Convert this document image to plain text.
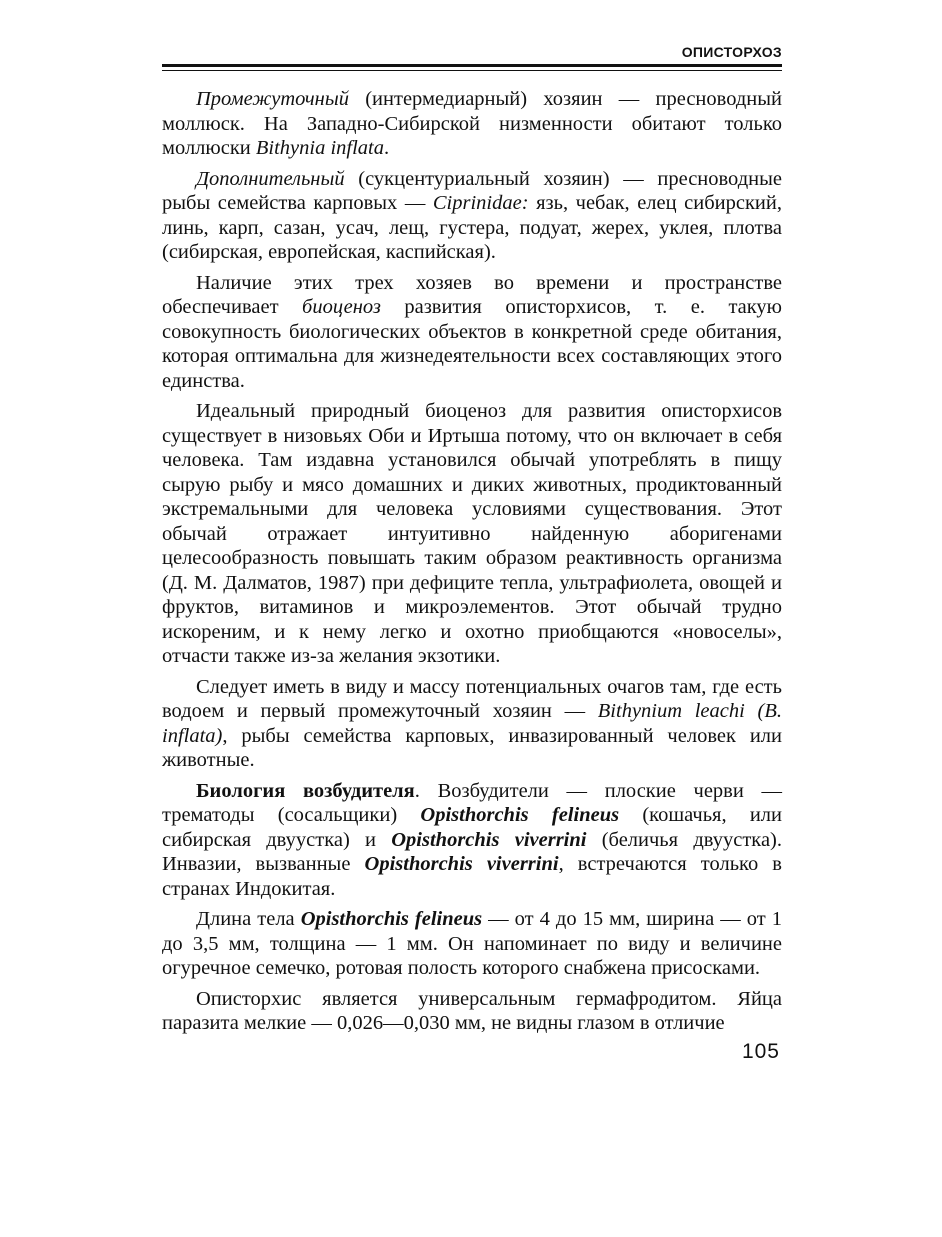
ОПИСТОРХОЗ

Промежуточный (интермедиарный) хозяин — пресноводный моллюск. На Западно-Сибирской низменности обитают только моллюски Bithynia inflata.

Дополнительный (сукцентуриальный хозяин) — пресноводные рыбы семейства карповых — Ciprinidae: язь, чебак, елец сибирский, линь, карп, сазан, усач, лещ, густера, подуат, жерех, уклея, плотва (сибирская, европейская, каспийская).

Наличие этих трех хозяев во времени и пространстве обеспечивает биоценоз развития описторхисов, т. е. такую совокупность биологических объектов в конкретной среде обитания, которая оптимальна для жизнедеятельности всех составляющих этого единства.

Идеальный природный биоценоз для развития описторхисов существует в низовьях Оби и Иртыша потому, что он включает в себя человека. Там издавна установился обычай употреблять в пищу сырую рыбу и мясо домашних и диких животных, продиктованный экстремальными для человека условиями существования. Этот обычай отражает интуитивно найденную аборигенами целесообразность повышать таким образом реактивность организма (Д. М. Далматов, 1987) при дефиците тепла, ультрафиолета, овощей и фруктов, витаминов и микроэлементов. Этот обычай трудно искореним, и к нему легко и охотно приобщаются «новоселы», отчасти также из-за желания экзотики.

Следует иметь в виду и массу потенциальных очагов там, где есть водоем и первый промежуточный хозяин — Bithynium leachi (B. inflata), рыбы семейства карповых, инвазированный человек или животные.

Биология возбудителя. Возбудители — плоские черви — трематоды (сосальщики) Opisthorchis felineus (кошачья, или сибирская двуустка) и Opisthorchis viverrini (беличья двуустка). Инвазии, вызванные Opisthorchis viverrini, встречаются только в странах Индокитая.

Длина тела Opisthorchis felineus — от 4 до 15 мм, ширина — от 1 до 3,5 мм, толщина — 1 мм. Он напоминает по виду и величине огуречное семечко, ротовая полость которого снабжена присосками.

Описторхис является универсальным гермафродитом. Яйца паразита мелкие — 0,026—0,030 мм, не видны глазом в отличие

105
